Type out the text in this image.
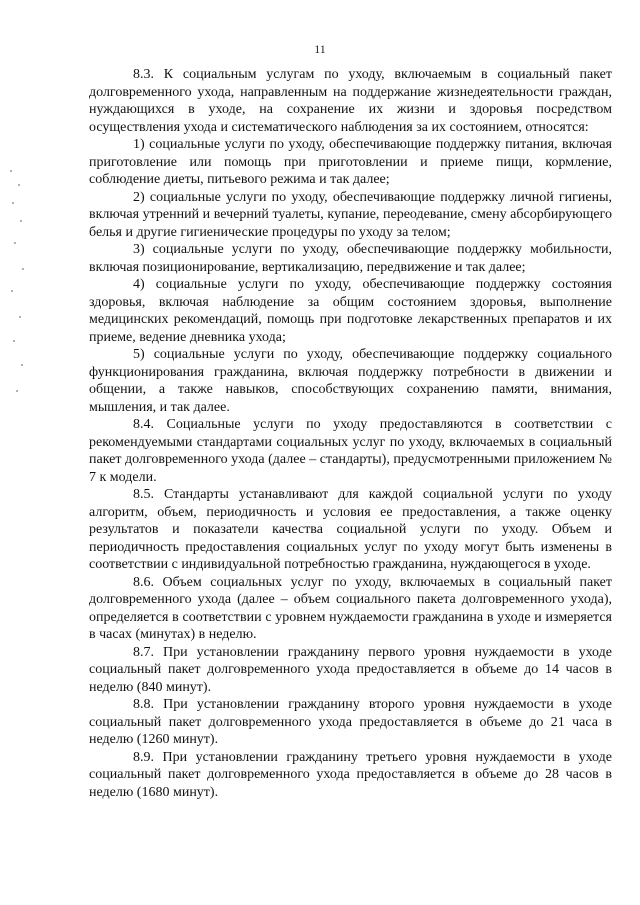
11

8.3. К социальным услугам по уходу, включаемым в социальный пакет долговременного ухода, направленным на поддержание жизнедеятельности граждан, нуждающихся в уходе, на сохранение их жизни и здоровья посредством осуществления ухода и систематического наблюдения за их состоянием, относятся:

1) социальные услуги по уходу, обеспечивающие поддержку питания, включая приготовление или помощь при приготовлении и приеме пищи, кормление, соблюдение диеты, питьевого режима и так далее;

2) социальные услуги по уходу, обеспечивающие поддержку личной гигиены, включая утренний и вечерний туалеты, купание, переодевание, смену абсорбирующего белья и другие гигиенические процедуры по уходу за телом;

3) социальные услуги по уходу, обеспечивающие поддержку мобильности, включая позиционирование, вертикализацию, передвижение и так далее;

4) социальные услуги по уходу, обеспечивающие поддержку состояния здоровья, включая наблюдение за общим состоянием здоровья, выполнение медицинских рекомендаций, помощь при подготовке лекарственных препаратов и их приеме, ведение дневника ухода;

5) социальные услуги по уходу, обеспечивающие поддержку социального функционирования гражданина, включая поддержку потребности в движении и общении, а также навыков, способствующих сохранению памяти, внимания, мышления, и так далее.

8.4. Социальные услуги по уходу предоставляются в соответствии с рекомендуемыми стандартами социальных услуг по уходу, включаемых в социальный пакет долговременного ухода (далее – стандарты), предусмотренными приложением № 7 к модели.

8.5. Стандарты устанавливают для каждой социальной услуги по уходу алгоритм, объем, периодичность и условия ее предоставления, а также оценку результатов и показатели качества социальной услуги по уходу. Объем и периодичность предоставления социальных услуг по уходу могут быть изменены в соответствии с индивидуальной потребностью гражданина, нуждающегося в уходе.

8.6. Объем социальных услуг по уходу, включаемых в социальный пакет долговременного ухода (далее – объем социального пакета долговременного ухода), определяется в соответствии с уровнем нуждаемости гражданина в уходе и измеряется в часах (минутах) в неделю.

8.7. При установлении гражданину первого уровня нуждаемости в уходе социальный пакет долговременного ухода предоставляется в объеме до 14 часов в неделю (840 минут).

8.8. При установлении гражданину второго уровня нуждаемости в уходе социальный пакет долговременного ухода предоставляется в объеме до 21 часа в неделю (1260 минут).

8.9. При установлении гражданину третьего уровня нуждаемости в уходе социальный пакет долговременного ухода предоставляется в объеме до 28 часов в неделю (1680 минут).
